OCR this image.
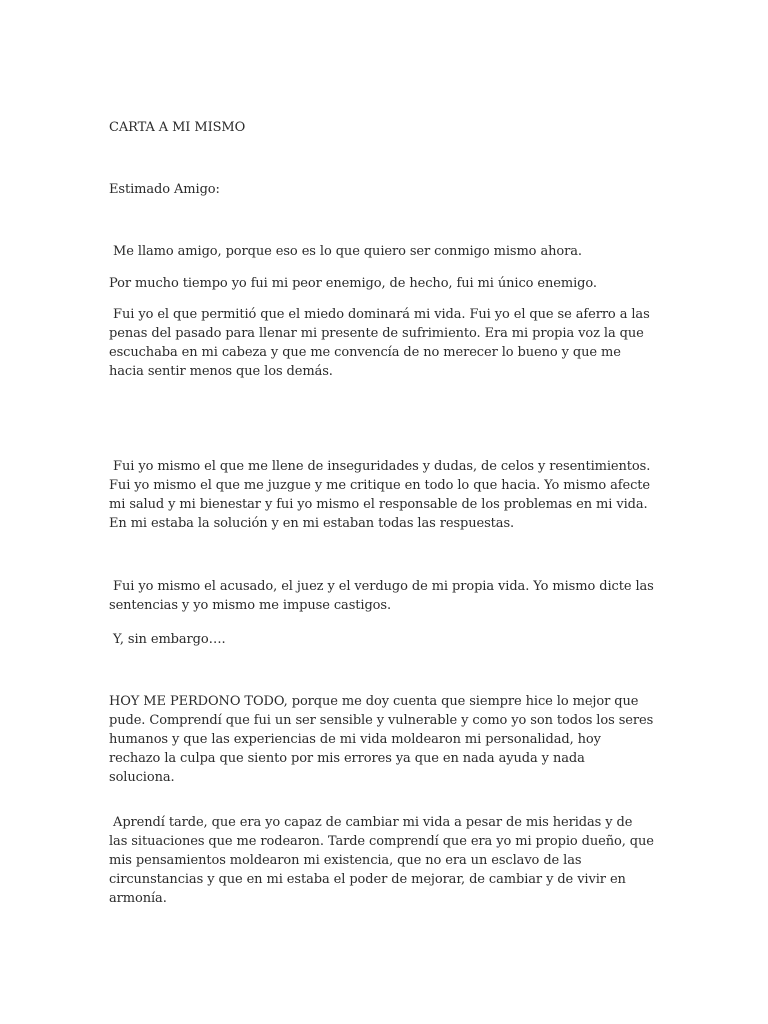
CARTA A MI MISMO

Estimado Amigo:

Me llamo amigo, porque eso es lo que quiero ser conmigo mismo ahora.

Por mucho tiempo yo fui mi peor enemigo, de hecho, fui mi único enemigo.

Fui yo el que permitió que el miedo dominará mi vida. Fui yo el que se aferro a las penas del pasado para llenar mi presente de sufrimiento. Era mi propia voz la que escuchaba en mi cabeza y que me convencía de no merecer lo bueno y que me hacia sentir menos que los demás.

Fui yo mismo el que me llene de inseguridades y dudas, de celos y resentimientos. Fui yo mismo el que me juzgue y me critique en todo lo que hacia. Yo mismo afecte mi salud y mi bienestar y fui yo mismo el responsable de los problemas en mi vida. En mi estaba la solución y en mi estaban todas las respuestas.

Fui yo mismo el acusado, el juez y el verdugo de mi propia vida. Yo mismo dicte las sentencias y yo mismo me impuse castigos.

Y, sin embargo….

HOY ME PERDONO TODO, porque me doy cuenta que siempre hice lo mejor que pude. Comprendí que fui un ser sensible y vulnerable y como yo son todos los seres humanos y que las experiencias de mi vida moldearon mi personalidad, hoy rechazo la culpa que siento por mis errores ya que en nada ayuda y nada soluciona.

Aprendí tarde, que era yo capaz de cambiar mi vida a pesar de mis heridas y de las situaciones que me rodearon. Tarde comprendí que era yo mi propio dueño, que mis pensamientos moldearon mi existencia, que no era un esclavo de las circunstancias y que en mi estaba el poder de mejorar, de cambiar y de vivir en armonía.
